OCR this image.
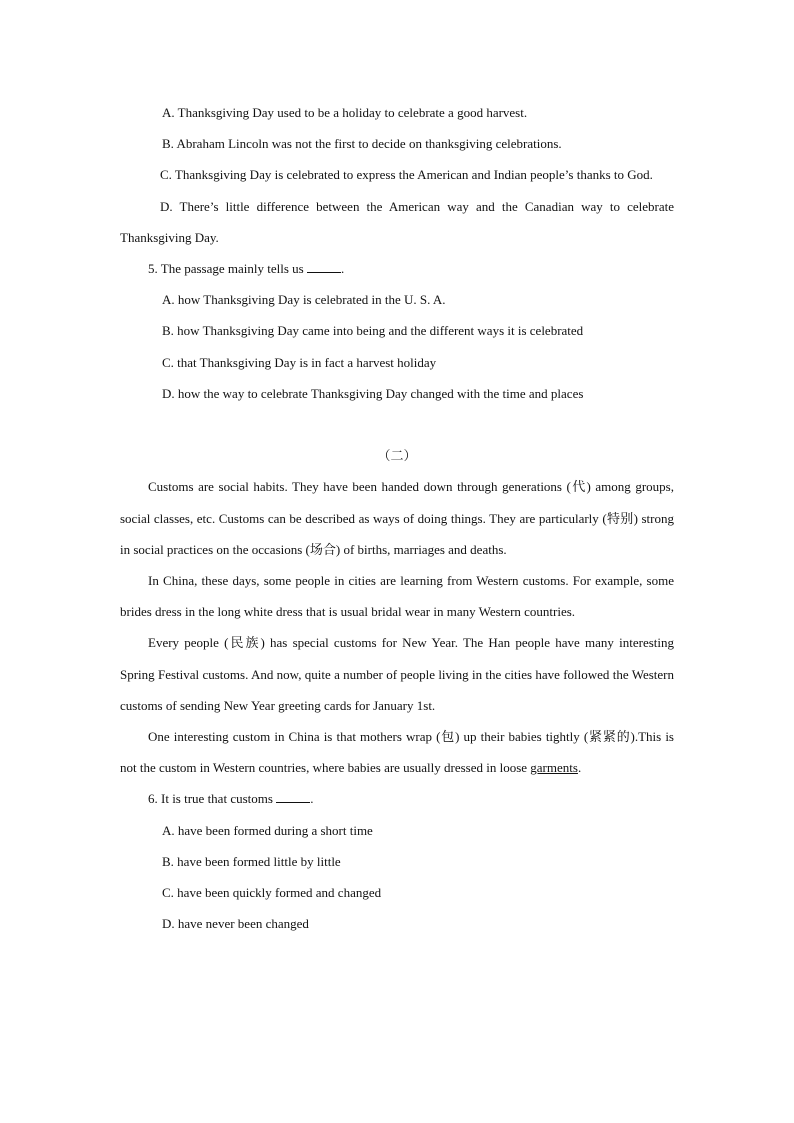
A. Thanksgiving Day used to be a holiday to celebrate a good harvest.
B. Abraham Lincoln was not the first to decide on thanksgiving celebrations.
C. Thanksgiving Day is celebrated to express the American and Indian people’s thanks to God.
D. There’s little difference between the American way and the Canadian way to celebrate Thanksgiving Day.
5. The passage mainly tells us	.
A. how Thanksgiving Day is celebrated in the U. S. A.
B. how Thanksgiving Day came into being and the different ways it is celebrated
C. that Thanksgiving Day is in fact a harvest holiday
D. how the way to celebrate Thanksgiving Day changed with the time and places
（二）
Customs are social habits. They have been handed down through generations (代) among groups, social classes, etc. Customs can be described as ways of doing things. They are particularly (特别) strong in social practices on the occasions (场合) of births, marriages and deaths.
In China, these days, some people in cities are learning from Western customs. For example, some brides dress in the long white dress that is usual bridal wear in many Western countries.
Every people (民族) has special customs for New Year. The Han people have many interesting Spring Festival customs. And now, quite a number of people living in the cities have followed the Western customs of sending New Year greeting cards for January 1st.
One interesting custom in China is that mothers wrap (包) up their babies tightly (紧紧的).This is not the custom in Western countries, where babies are usually dressed in loose garments.
6. It is true that customs	.
A. have been formed during a short time
B. have been formed little by little
C. have been quickly formed and changed
D. have never been changed
